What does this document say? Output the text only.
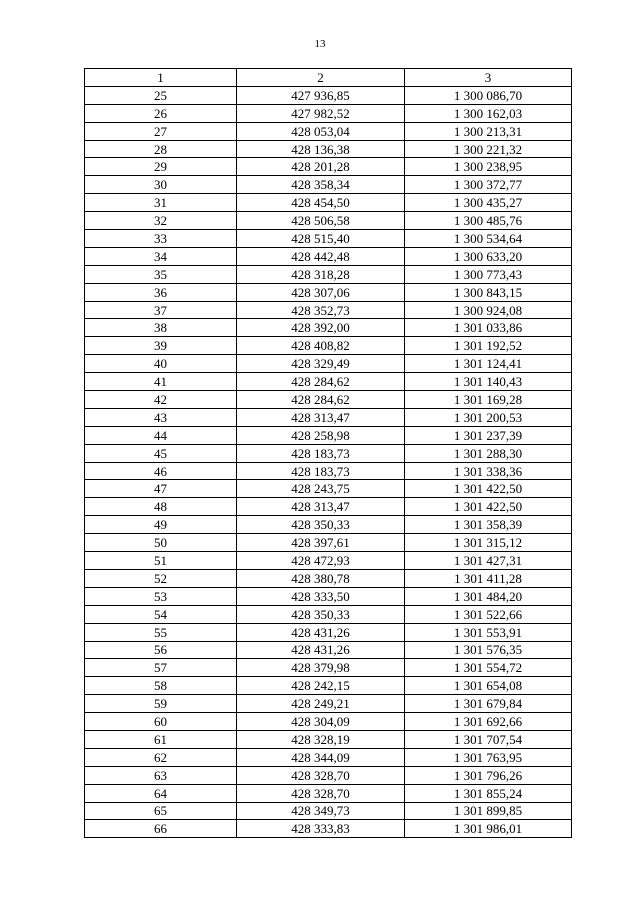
13
1	2	3
25	427 936,85	1 300 086,70
26	427 982,52	1 300 162,03
27	428 053,04	1 300 213,31
28	428 136,38	1 300 221,32
29	428 201,28	1 300 238,95
30	428 358,34	1 300 372,77
31	428 454,50	1 300 435,27
32	428 506,58	1 300 485,76
33	428 515,40	1 300 534,64
34	428 442,48	1 300 633,20
35	428 318,28	1 300 773,43
36	428 307,06	1 300 843,15
37	428 352,73	1 300 924,08
38	428 392,00	1 301 033,86
39	428 408,82	1 301 192,52
40	428 329,49	1 301 124,41
41	428 284,62	1 301 140,43
42	428 284,62	1 301 169,28
43	428 313,47	1 301 200,53
44	428 258,98	1 301 237,39
45	428 183,73	1 301 288,30
46	428 183,73	1 301 338,36
47	428 243,75	1 301 422,50
48	428 313,47	1 301 422,50
49	428 350,33	1 301 358,39
50	428 397,61	1 301 315,12
51	428 472,93	1 301 427,31
52	428 380,78	1 301 411,28
53	428 333,50	1 301 484,20
54	428 350,33	1 301 522,66
55	428 431,26	1 301 553,91
56	428 431,26	1 301 576,35
57	428 379,98	1 301 554,72
58	428 242,15	1 301 654,08
59	428 249,21	1 301 679,84
60	428 304,09	1 301 692,66
61	428 328,19	1 301 707,54
62	428 344,09	1 301 763,95
63	428 328,70	1 301 796,26
64	428 328,70	1 301 855,24
65	428 349,73	1 301 899,85
66	428 333,83	1 301 986,01
